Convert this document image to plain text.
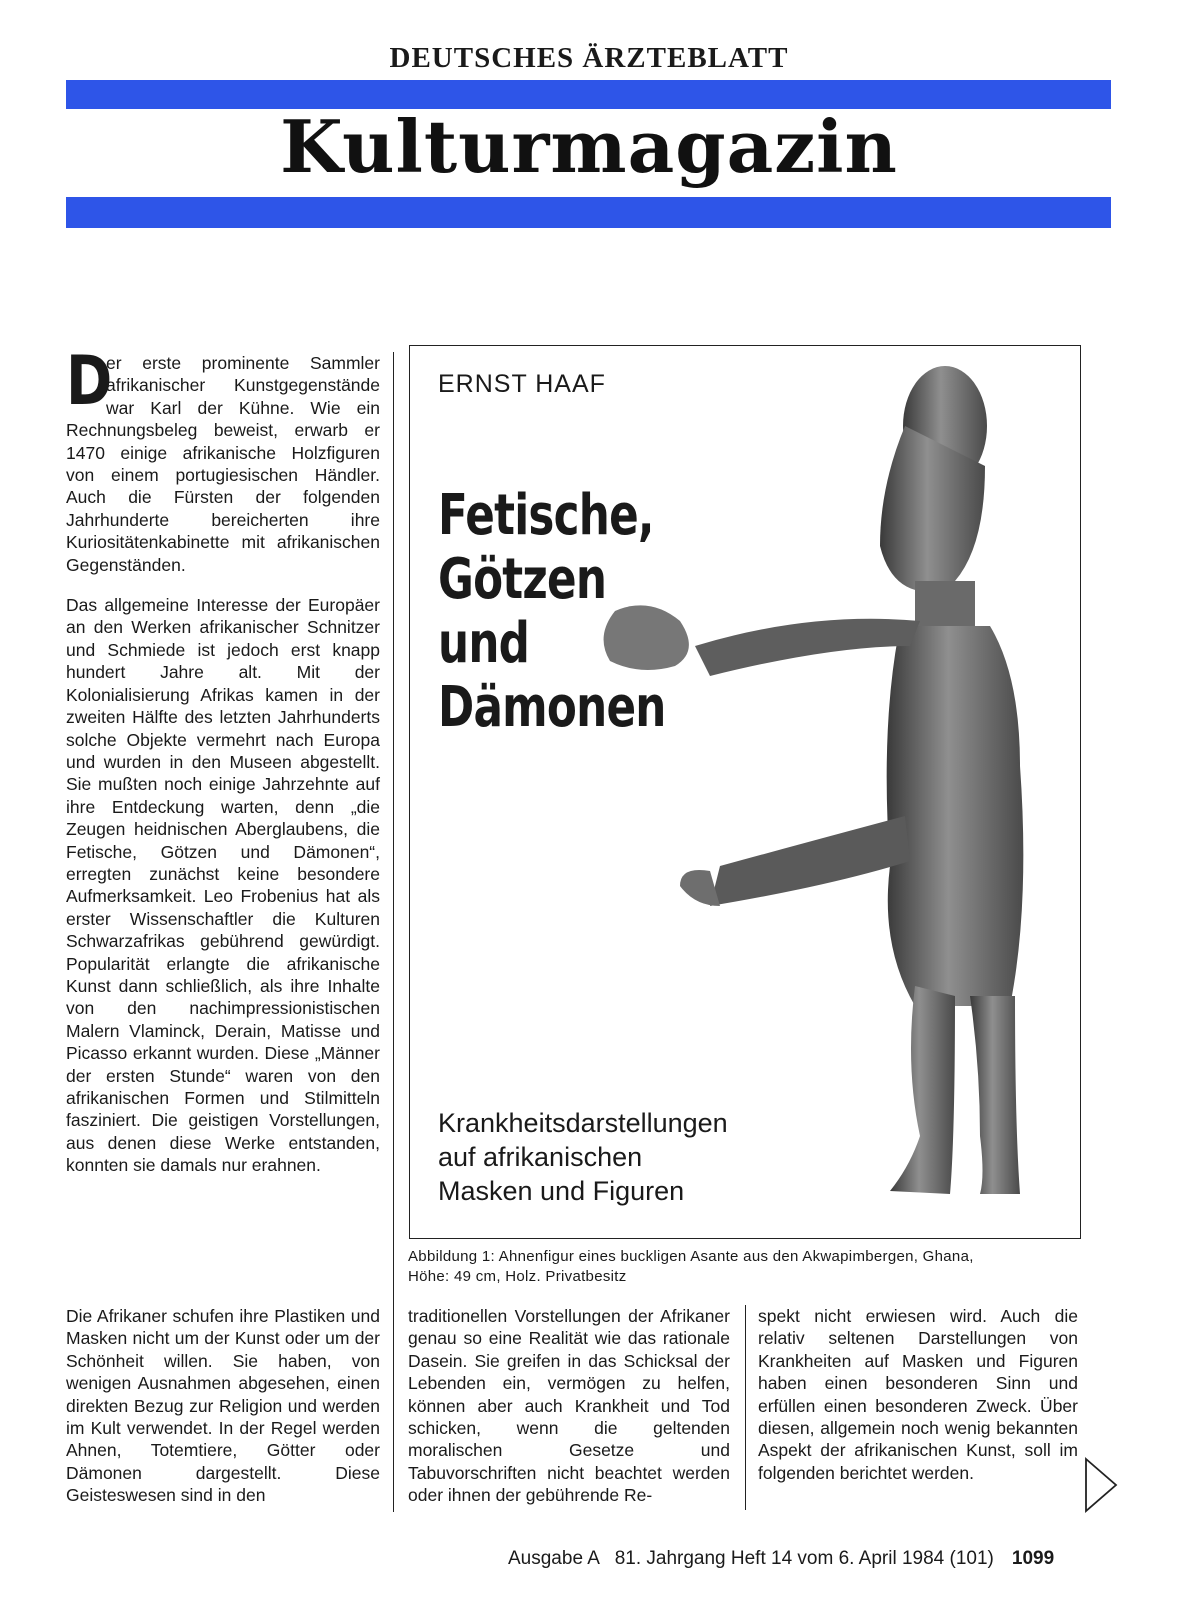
DEUTSCHES ÄRZTEBLATT
Kulturmagazin

D
er erste prominente Sammler afrikanischer Kunstgegenstände war Karl der Kühne. Wie ein Rechnungsbeleg beweist, erwarb er 1470 einige afrikanische Holzfiguren von einem portugiesischen Händler. Auch die Fürsten der folgenden Jahrhunderte bereicherten ihre Kuriositätenkabinette mit afrikanischen Gegenständen.

Das allgemeine Interesse der Europäer an den Werken afrikanischer Schnitzer und Schmiede ist jedoch erst knapp hundert Jahre alt. Mit der Kolonialisierung Afrikas kamen in der zweiten Hälfte des letzten Jahrhunderts solche Objekte vermehrt nach Europa und wurden in den Museen abgestellt. Sie mußten noch einige Jahrzehnte auf ihre Entdeckung warten, denn „die Zeugen heidnischen Aberglaubens, die Fetische, Götzen und Dämonen“, erregten zunächst keine besondere Aufmerksamkeit. Leo Frobenius hat als erster Wissenschaftler die Kulturen Schwarzafrikas gebührend gewürdigt. Popularität erlangte die afrikanische Kunst dann schließlich, als ihre Inhalte von den nachimpressionistischen Malern Vlaminck, Derain, Matisse und Picasso erkannt wurden. Diese „Männer der ersten Stunde“ waren von den afrikanischen Formen und Stilmitteln fasziniert. Die geistigen Vorstellungen, aus denen diese Werke entstanden, konnten sie damals nur erahnen.

ERNST HAAF
Fetische,
Götzen
und
Dämonen
Krankheitsdarstellungen
auf afrikanischen
Masken und Figuren
Abbildung 1: Ahnenfigur eines buckligen Asante aus den Akwapimbergen, Ghana,
Höhe: 49 cm, Holz. Privatbesitz

Die Afrikaner schufen ihre Plastiken und Masken nicht um der Kunst oder um der Schönheit willen. Sie haben, von wenigen Ausnahmen abgesehen, einen direkten Bezug zur Religion und werden im Kult verwendet. In der Regel werden Ahnen, Totemtiere, Götter oder Dämonen dargestellt. Diese Geisteswesen sind in den

traditionellen Vorstellungen der Afrikaner genau so eine Realität wie das rationale Dasein. Sie greifen in das Schicksal der Lebenden ein, vermögen zu helfen, können aber auch Krankheit und Tod schicken, wenn die geltenden moralischen Gesetze und Tabuvorschriften nicht beachtet werden oder ihnen der gebührende Re-

spekt nicht erwiesen wird. Auch die relativ seltenen Darstellungen von Krankheiten auf Masken und Figuren haben einen besonderen Sinn und erfüllen einen besonderen Zweck. Über diesen, allgemein noch wenig bekannten Aspekt der afrikanischen Kunst, soll im folgenden berichtet werden.

Ausgabe A   81. Jahrgang Heft 14 vom 6. April 1984 (101) 1099
